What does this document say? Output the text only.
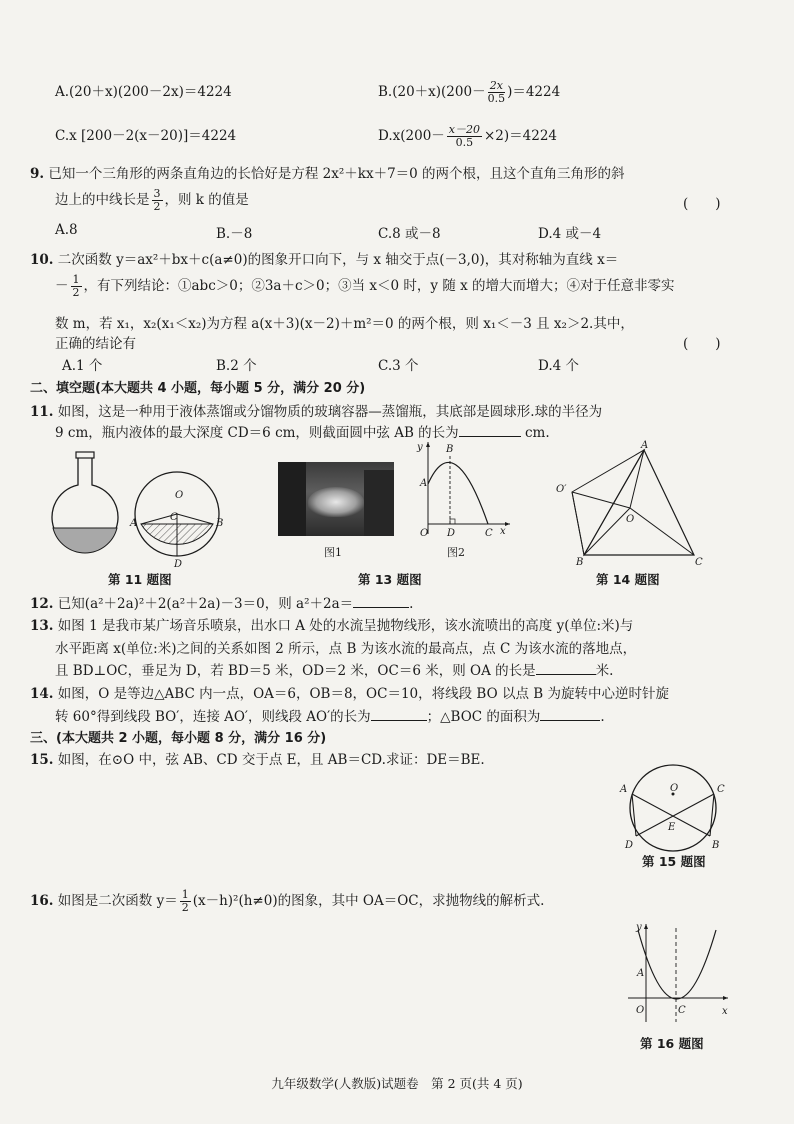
A.(20＋x)(200－2x)＝4224	$B.(20+x)(200- \frac{2x}{0.5} )=4224$
C.x [200－2(x－20)]＝4224	$D.x(200- \frac{x-20}{0.5} \times 2)=4224$
9. 已知一个三角形的两条直角边的长恰好是方程 2x²＋kx＋7＝0 的两个根，且这个直角三角形的斜
边上的中线长是 $\frac{3}{2}$ ，则 k 的值是	(　　)
A.8	B.－8	C.8 或－8	D.4 或－4
10. 二次函数 y＝ax²＋bx＋c(a≠0)的图象开口向下，与 x 轴交于点(－3,0)，其对称轴为直线 x＝
－ $\frac{1}{2}$ ，有下列结论：①abc＞0；②3a＋c＞0；③当 x＜0 时，y 随 x 的增大而增大；④对于任意非零实
数 m，若 x₁，x₂(x₁＜x₂)为方程 a(x＋3)(x－2)＋m²＝0 的两个根，则 x₁＜－3 且 x₂＞2.其中，
正确的结论有	(　　)
A.1 个	B.2 个	C.3 个	D.4 个
二、填空题(本大题共 4 小题，每小题 5 分，满分 20 分)
11. 如图，这是一种用于液体蒸馏或分馏物质的玻璃容器—蒸馏瓶，其底部是圆球形.球的半径为
9 cm，瓶内液体的最大深度 CD＝6 cm，则截面圆中弦 AB 的长为	cm.
O
C
A	B
D
第 11 题图
图1
y B
A
O D	C x
图2
第 13 题图
A
O′
O
B	C
第 14 题图
12. 已知(a²＋2a)²＋2(a²＋2a)－3＝0，则 a²＋2a＝	.
13. 如图 1 是我市某广场音乐喷泉，出水口 A 处的水流呈抛物线形，该水流喷出的高度 y(单位:米)与
水平距离 x(单位:米)之间的关系如图 2 所示，点 B 为该水流的最高点，点 C 为该水流的落地点，
且 BD⊥OC，垂足为 D，若 BD＝5 米，OD＝2 米，OC＝6 米，则 OA 的长是	米.
14. 如图，O 是等边△ABC 内一点，OA＝6，OB＝8，OC＝10，将线段 BO 以点 B 为旋转中心逆时针旋
转 60°得到线段 BO′，连接 AO′，则线段 AO′的长为	；△BOC 的面积为	.
三、(本大题共 2 小题，每小题 8 分，满分 16 分)
15. 如图，在⊙O 中，弦 AB、CD 交于点 E，且 AB＝CD.求证：DE＝BE.
A	C
O
E
D	B
第 15 题图
16. 如图是二次函数 $y= \frac{1}{2} (x-h)^2(h\ne 0)$的图象，其中 OA＝OC，求抛物线的解析式.
y
A
O	C	x
第 16 题图
九年级数学(人教版)试题卷　第 2 页(共 4 页)
